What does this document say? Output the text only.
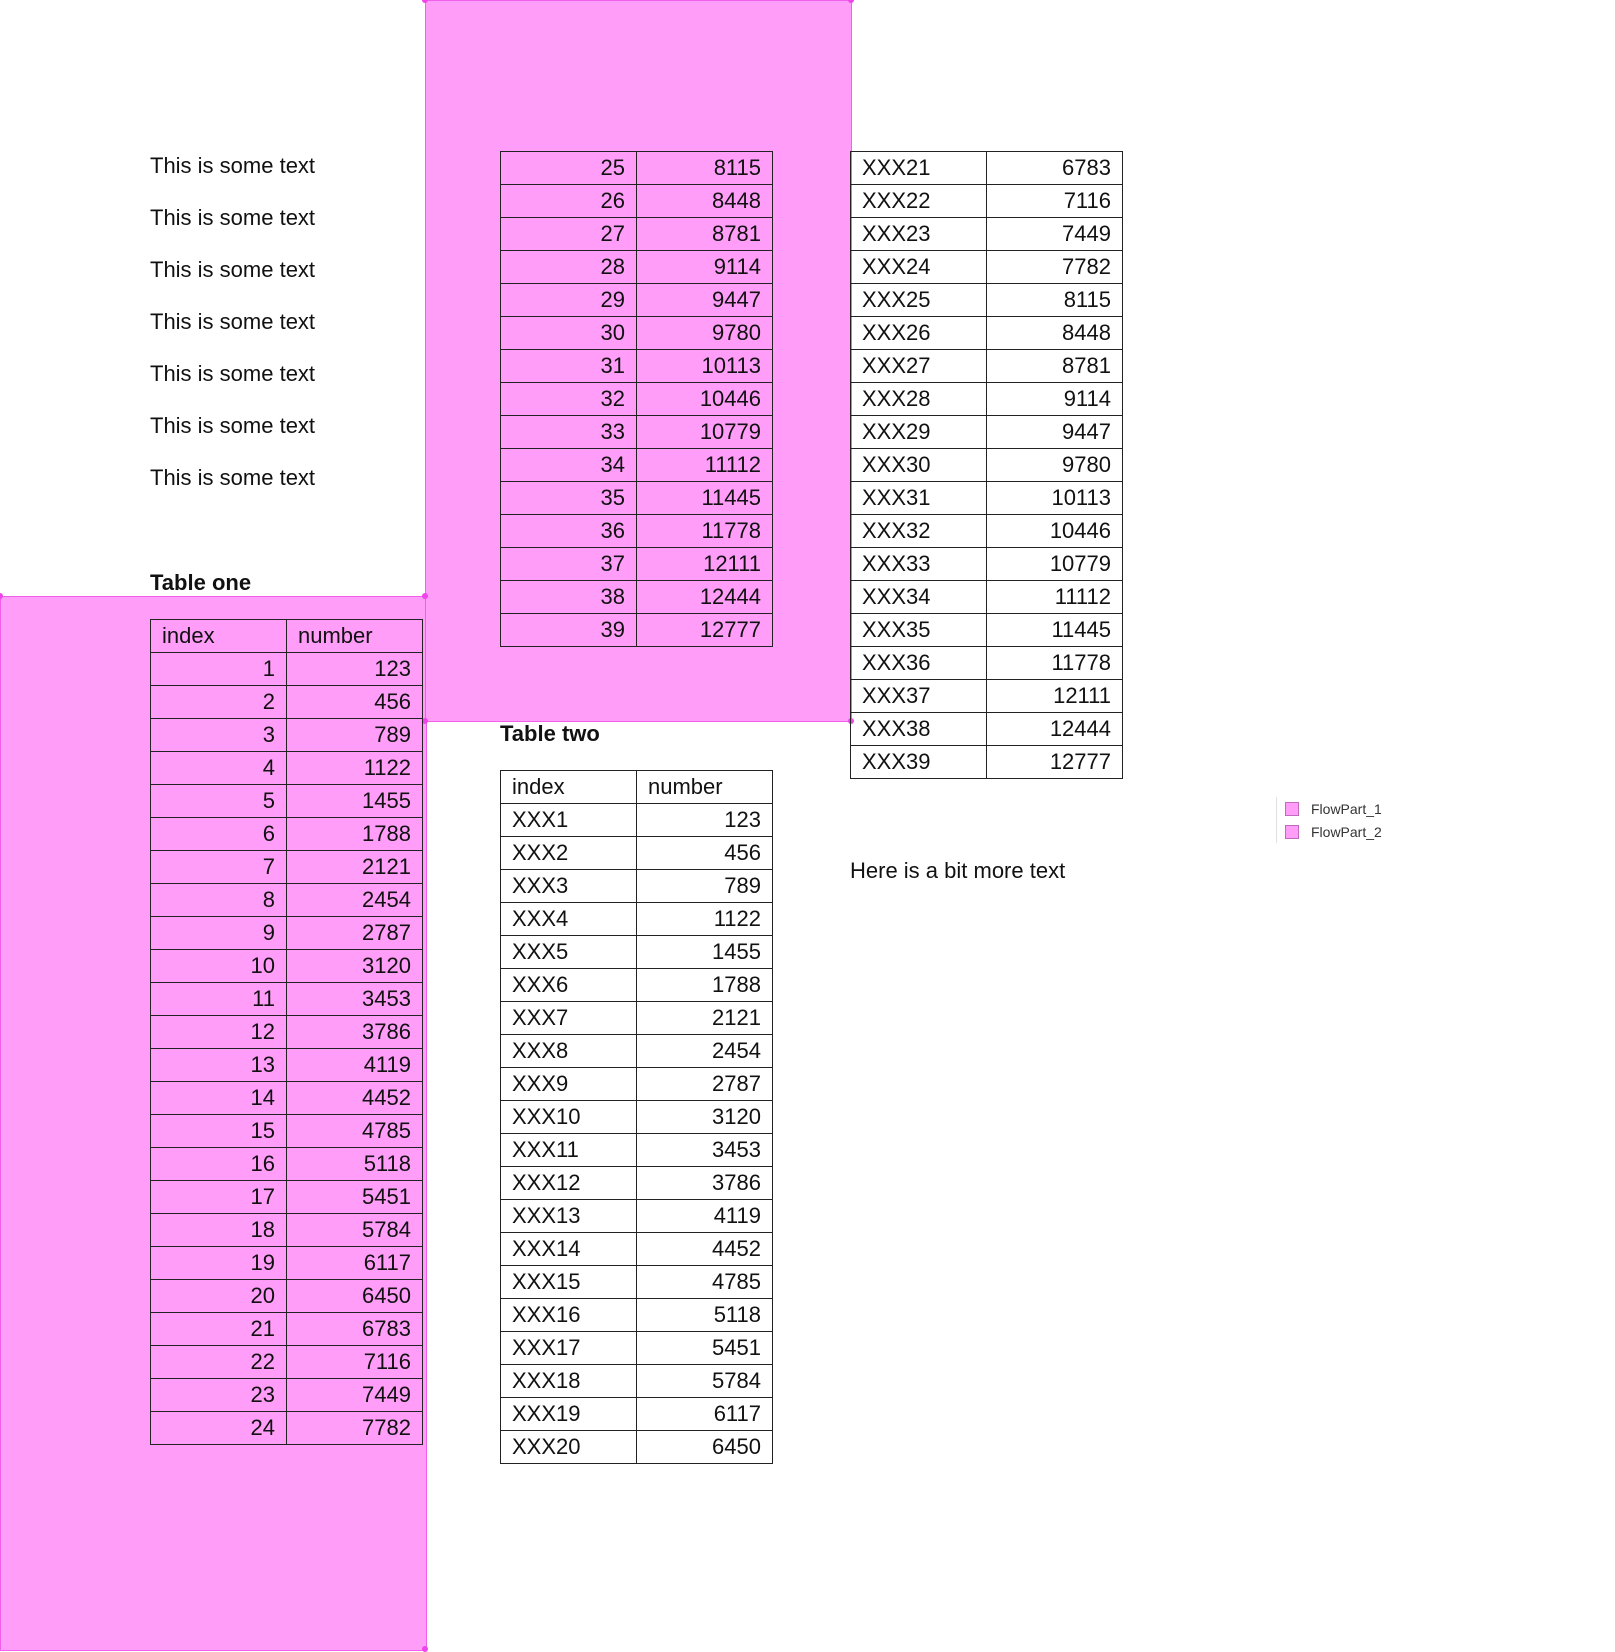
This is some text
This is some text
This is some text
This is some text
This is some text
This is some text
This is some text
Table one
index	number
1	123
2	456
3	789
4	1122
5	1455
6	1788
7	2121
8	2454
9	2787
10	3120
11	3453
12	3786
13	4119
14	4452
15	4785
16	5118
17	5451
18	5784
19	6117
20	6450
21	6783
22	7116
23	7449
24	7782
25	8115
26	8448
27	8781
28	9114
29	9447
30	9780
31	10113
32	10446
33	10779
34	11112
35	11445
36	11778
37	12111
38	12444
39	12777
Table two
index	number
XXX1	123
XXX2	456
XXX3	789
XXX4	1122
XXX5	1455
XXX6	1788
XXX7	2121
XXX8	2454
XXX9	2787
XXX10	3120
XXX11	3453
XXX12	3786
XXX13	4119
XXX14	4452
XXX15	4785
XXX16	5118
XXX17	5451
XXX18	5784
XXX19	6117
XXX20	6450
XXX21	6783
XXX22	7116
XXX23	7449
XXX24	7782
XXX25	8115
XXX26	8448
XXX27	8781
XXX28	9114
XXX29	9447
XXX30	9780
XXX31	10113
XXX32	10446
XXX33	10779
XXX34	11112
XXX35	11445
XXX36	11778
XXX37	12111
XXX38	12444
XXX39	12777
Here is a bit more text
FlowPart_1
FlowPart_2
